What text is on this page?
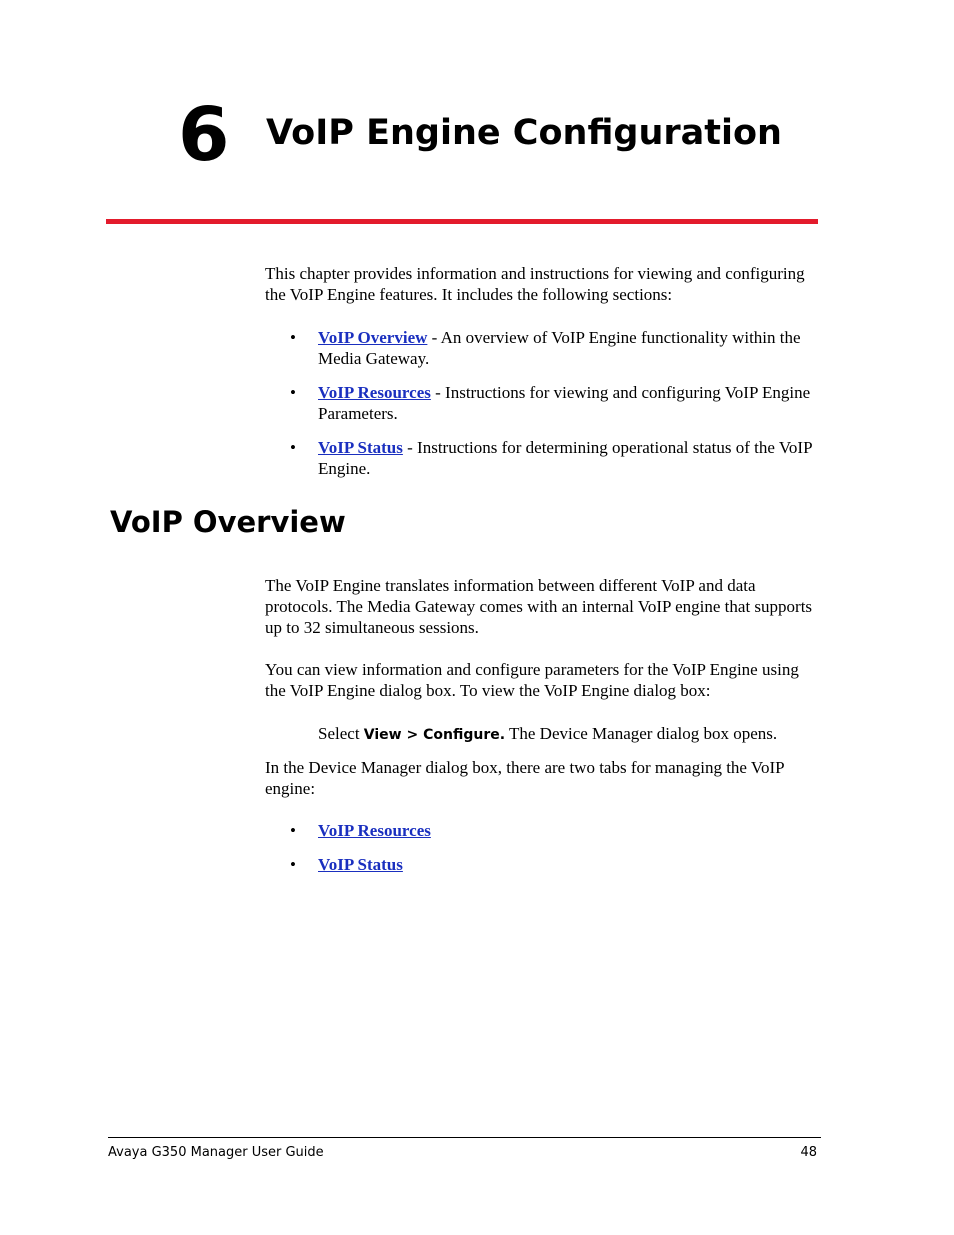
6 VoIP Engine Configuration

This chapter provides information and instructions for viewing and configuring the VoIP Engine features. It includes the following sections:

• VoIP Overview - An overview of VoIP Engine functionality within the Media Gateway.
• VoIP Resources - Instructions for viewing and configuring VoIP Engine Parameters.
• VoIP Status - Instructions for determining operational status of the VoIP Engine.
VoIP Overview

The VoIP Engine translates information between different VoIP and data protocols. The Media Gateway comes with an internal VoIP engine that supports up to 32 simultaneous sessions.

You can view information and configure parameters for the VoIP Engine using the VoIP Engine dialog box. To view the VoIP Engine dialog box:

Select View > Configure. The Device Manager dialog box opens.

In the Device Manager dialog box, there are two tabs for managing the VoIP engine:

• VoIP Resources
• VoIP Status
Avaya G350 Manager User Guide	48
